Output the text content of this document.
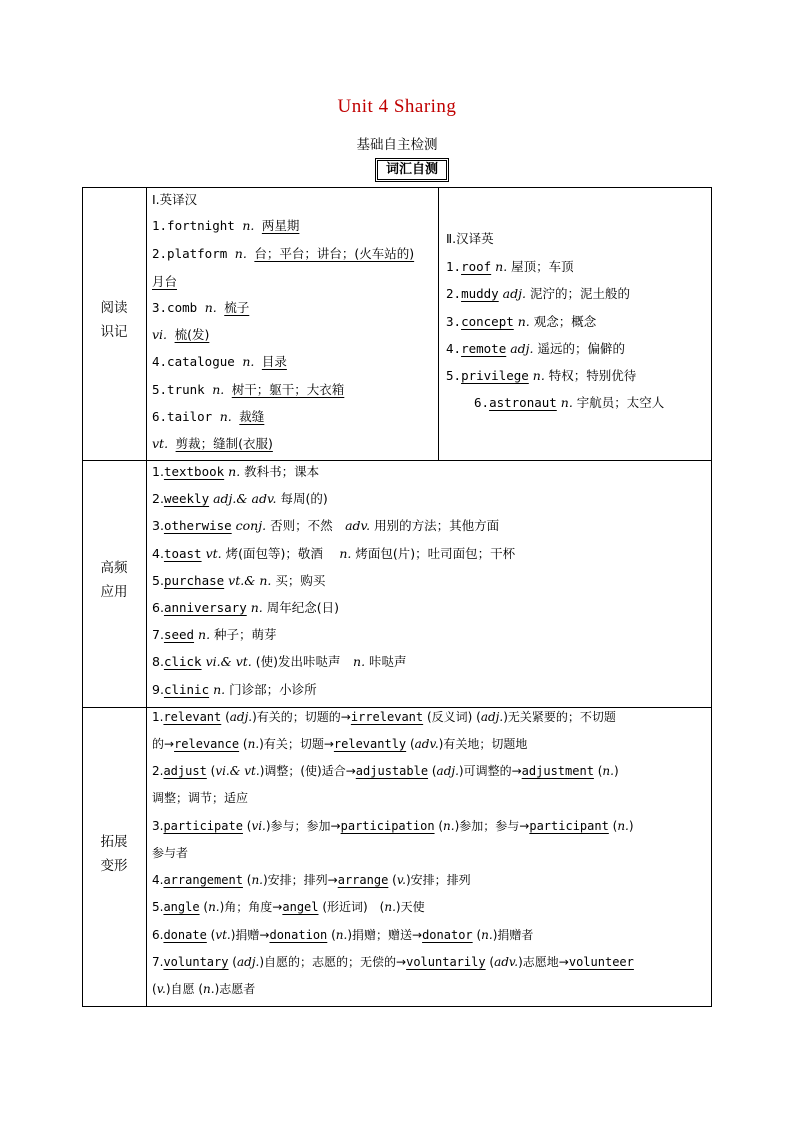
Unit 4 Sharing
基础自主检测
词汇自测
阅读
识记
高频
应用
拓展
变形
Ⅰ.英译汉
1.fortnight n. 两星期
2.platform n. 台；平台；讲台；(火车站的)
月台
3.comb n. 梳子
vi. 梳(发)
4.catalogue n. 目录
5.trunk n. 树干；躯干；大衣箱
6.tailor n. 裁缝
vt. 剪裁；缝制(衣服)
Ⅱ.汉译英
1.roof n. 屋顶；车顶
2.muddy adj. 泥泞的；泥土般的
3.concept n. 观念；概念
4.remote adj. 遥远的；偏僻的
5.privilege n. 特权；特别优待
6.astronaut n. 宇航员；太空人
1.textbook n. 教科书；课本
2.weekly adj.& adv. 每周(的)
3.otherwise conj. 否则；不然　adv. 用别的方法；其他方面
4.toast vt. 烤(面包等)；敬酒　 n. 烤面包(片)；吐司面包；干杯
5.purchase vt.& n. 买；购买
6.anniversary n. 周年纪念(日)
7.seed n. 种子；萌芽
8.click vi.& vt. (使)发出咔哒声　n. 咔哒声
9.clinic n. 门诊部；小诊所
1.relevant (adj.)有关的；切题的→irrelevant (反义词) (adj.)无关紧要的；不切题
的→relevance (n.)有关；切题→relevantly (adv.)有关地；切题地
2.adjust (vi.& vt.)调整；(使)适合→adjustable (adj.)可调整的→adjustment (n.)
调整；调节；适应
3.participate (vi.)参与；参加→participation (n.)参加；参与→participant (n.)
参与者
4.arrangement (n.)安排；排列→arrange (v.)安排；排列
5.angle (n.)角；角度→angel (形近词)　(n.)天使
6.donate (vt.)捐赠→donation (n.)捐赠；赠送→donator (n.)捐赠者
7.voluntary (adj.)自愿的；志愿的；无偿的→voluntarily (adv.)志愿地→volunteer
(v.)自愿 (n.)志愿者
